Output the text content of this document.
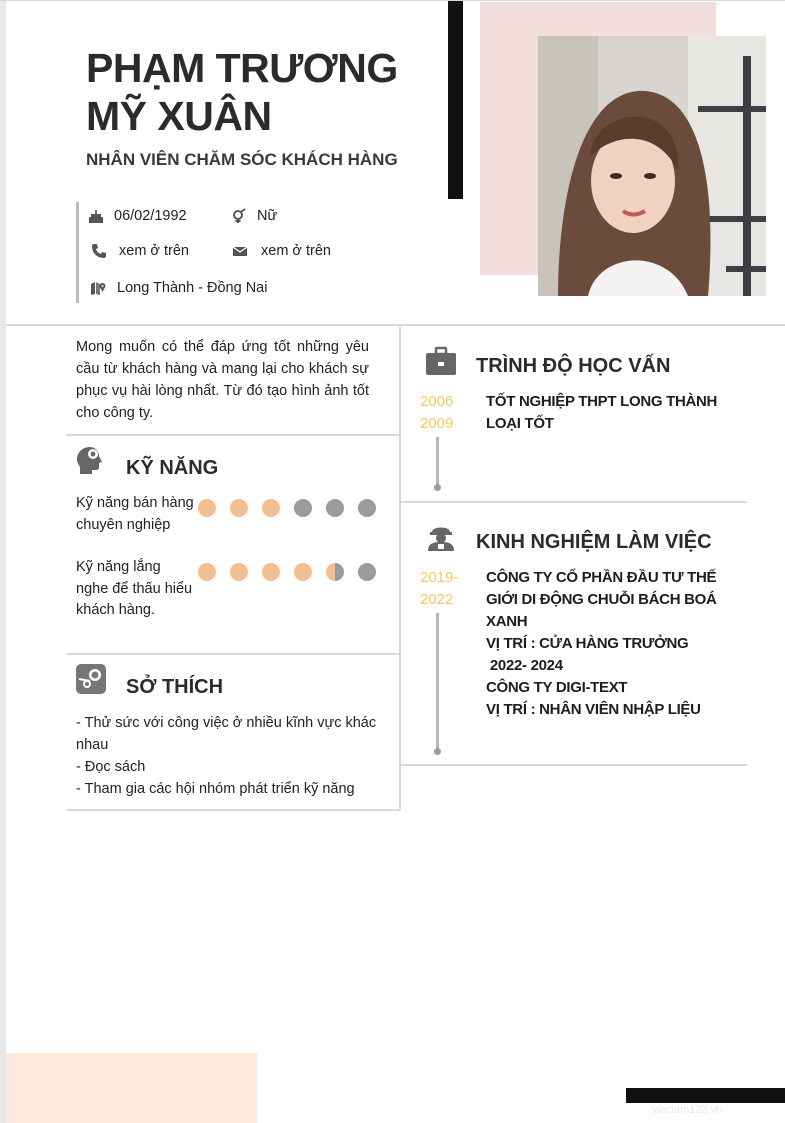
PHẠM TRƯƠNG
MỸ XUÂN
NHÂN VIÊN CHĂM SÓC KHÁCH HÀNG
06/02/1992	Nữ
xem ở trên	xem ở trên
Long Thành - Đồng Nai
Mong muốn có thể đáp ứng tốt những yêu cầu từ khách hàng và mang lại cho khách sự phục vụ hài lòng nhất. Từ đó tạo hình ảnh tốt cho công ty.
KỸ NĂNG
Kỹ năng bán hàng chuyên nghiệp
Kỹ năng lắng nghe để thấu hiểu khách hàng.
SỞ THÍCH
- Thử sức với công việc ở nhiều kĩnh vực khác nhau
- Đọc sách
- Tham gia các hội nhóm phát triển kỹ năng
TRÌNH ĐỘ HỌC VẤN
2006
2009
TỐT NGHIỆP THPT LONG THÀNH LOẠI TỐT
KINH NGHIỆM LÀM VIỆC
2019-
2022
CÔNG TY CỔ PHẦN ĐẦU TƯ THẾ GIỚI DI ĐỘNG CHUỖI BÁCH BOÁ XANH
VỊ TRÍ : CỬA HÀNG TRƯỞNG
2022- 2024
CÔNG TY DIGI-TEXT
VỊ TRÍ : NHÂN VIÊN NHẬP LIỆU
vieclam123.vn
